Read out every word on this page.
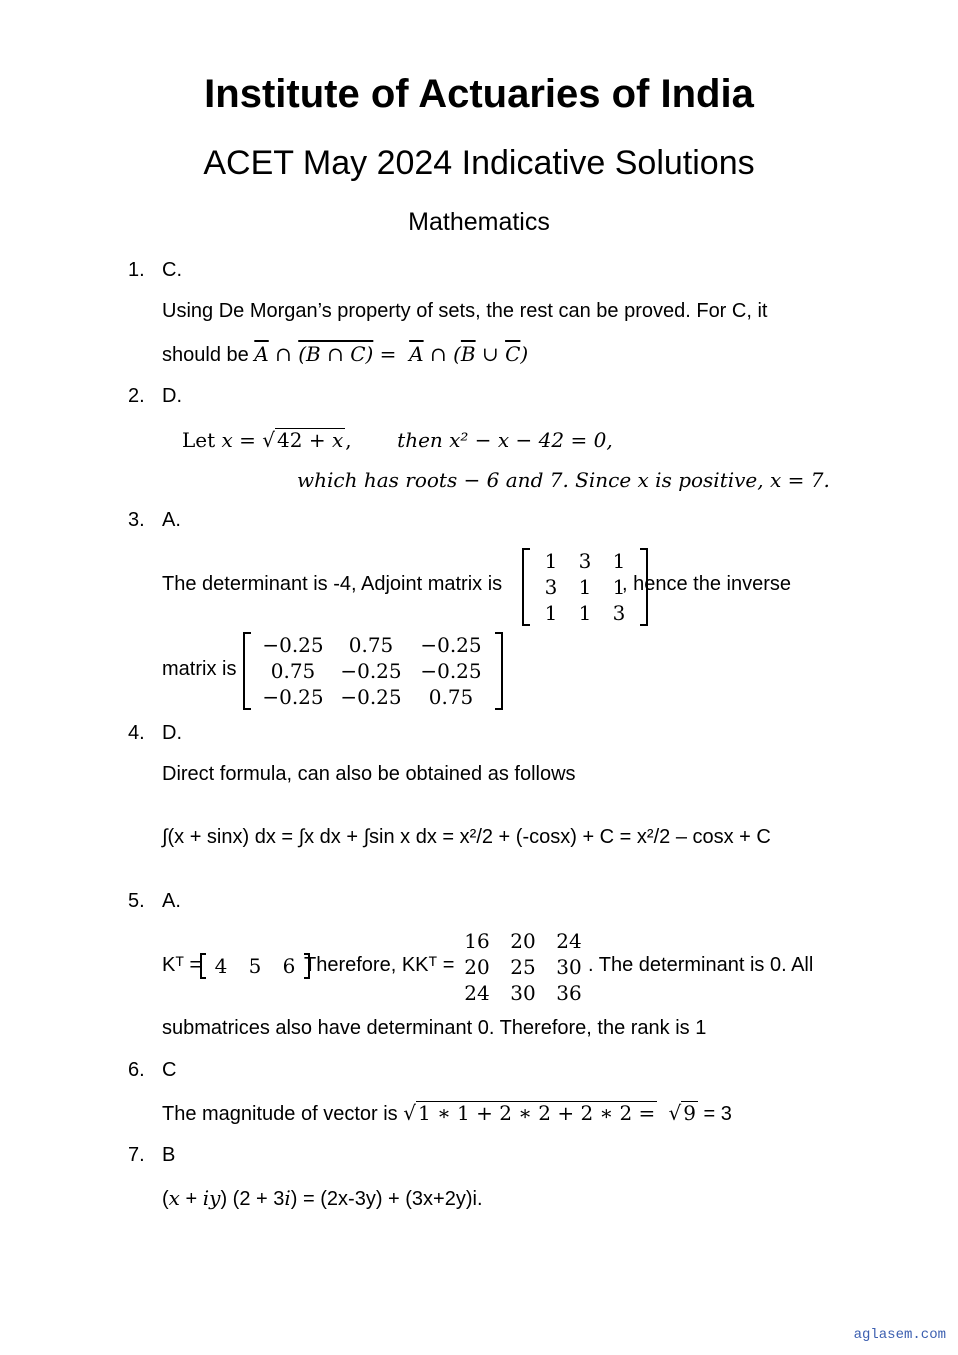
Institute of Actuaries of India
ACET May 2024 Indicative Solutions
Mathematics
1. C.
Using De Morgan’s property of sets, the rest can be proved. For C, it
should be $\overline{A}$ ∩ (B ∩ $C) = \overline{A}$ ∩ ($\overline{B}$ ∪ $\overline{C}$)
2. D.
Let x = √ 42 + x , then x² − x − 42 = 0,
which has roots − 6 and 7. Since x is positive, x = 7.
3. A.
The determinant is -4, Adjoint matrix is
1	3	1
3	1	1
1	1	3
, hence the inverse
matrix is
−0.25	0.75	−0.25
0.75	−0.25 −0.25
−0.25 −0.25	0.75
4. D.
Direct formula, can also be obtained as follows
∫(x + sinx) dx = ∫x dx + ∫sin x dx = x²/2 + (-cosx) + C = x²/2 – cosx + C
5. A.
Kᵀ = 4 5 6 Therefore, KKᵀ =
16	20	24
20	25	30
24	30	36
. The determinant is 0. All
submatrices also have determinant 0. Therefore, the rank is 1
6. C
The magnitude of vector is √ 1 ∗ 1 + 2 ∗ 2 + 2 ∗ 2 = √ 9 = 3
7. B
(x + iy) (2 + 3i) = (2x-3y) + (3x+2y)i.
aglasem.com
